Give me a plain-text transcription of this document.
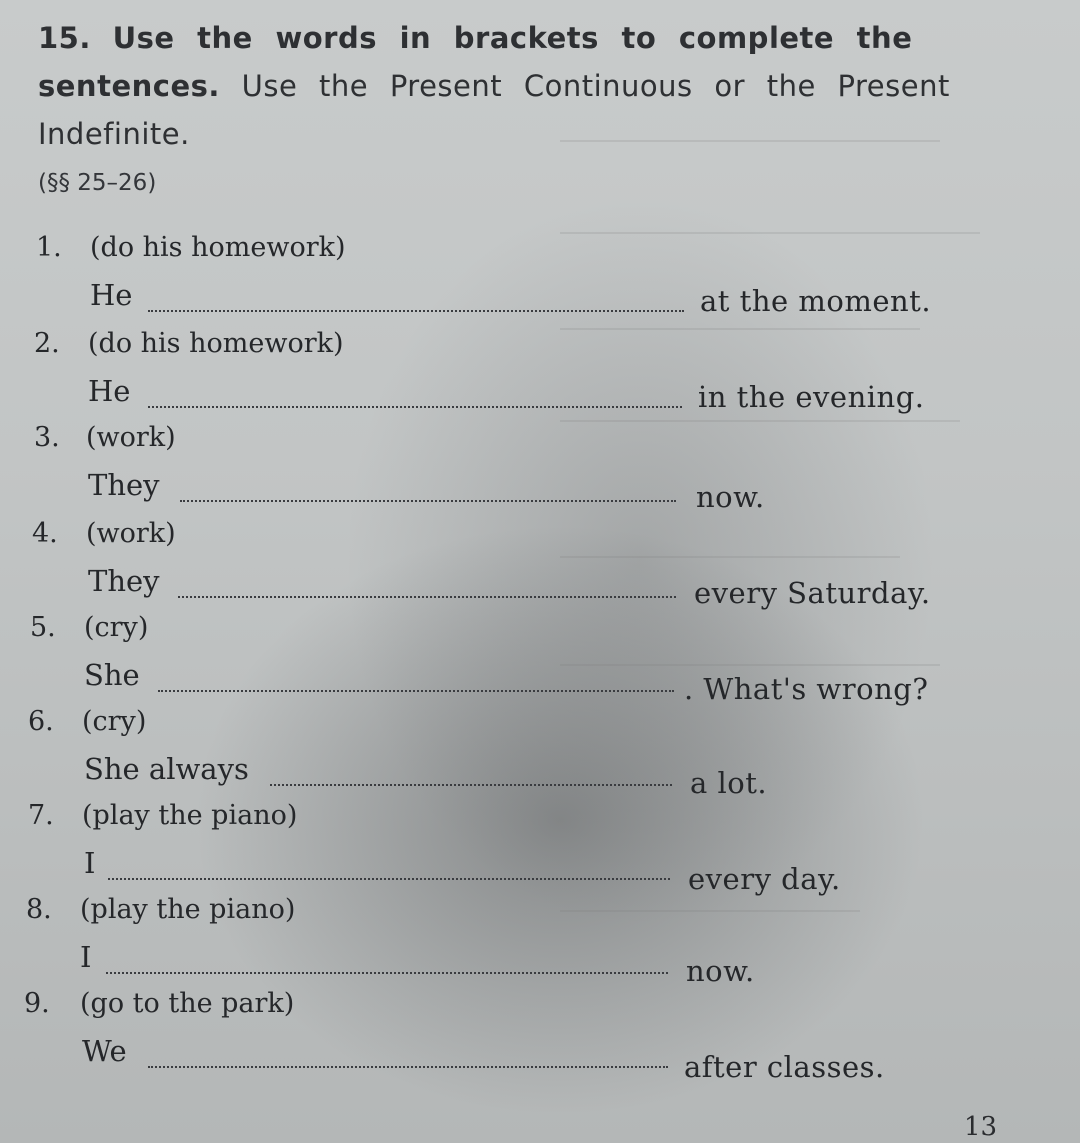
15. Use the words in brackets to complete the
sentences. Use the Present Continuous or the Present
Indefinite.
(§§ 25–26)
1. (do his homework)
He	at the moment.
2. (do his homework)
He	in the evening.
3. (work)
They	now.
4. (work)
They	every Saturday.
5. (cry)
She	. What's wrong?
6. (cry)
She always	a lot.
7. (play the piano)
I	every day.
8. (play the piano)
I	now.
9. (go to the park)
We	after classes.
13
